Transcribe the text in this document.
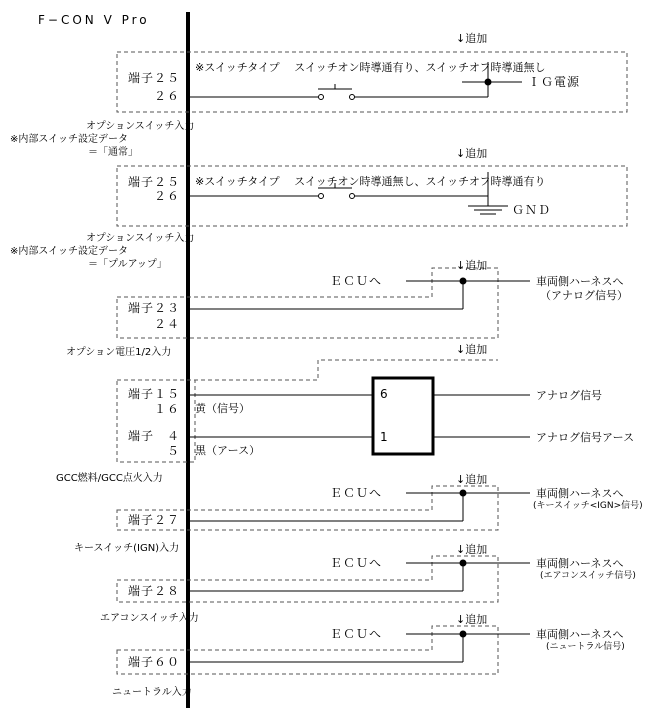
F−CON V Pro
↓追加
※スイッチタイプ　 スイッチオン時導通有り、スイッチオフ時導通無し
端子２５
２６
ＩＧ電源
オプションスイッチ入力
※内部スイッチ設定データ
＝「通常」	↓追加
※スイッチタイプ　 スイッチオン時導通無し、スイッチオフ時導通有り
端子２５
２６
ＧＮＤ
オプションスイッチ入力
※内部スイッチ設定データ
＝「プルアップ」	↓追加
ＥＣＵへ	車両側ハーネスへ
（アナログ信号）
端子２３
２４
オプション電圧1/2入力	↓追加
端子１５
１６ 黄（信号）
端子　４
５ 黒（アース）
6
1
アナログ信号
アナログ信号アース
GCC燃料/GCC点火入力	↓追加
ＥＣＵへ	車両側ハーネスへ
(キースイッチ<IGN>信号)
端子２７
キースイッチ(IGN)入力	↓追加
ＥＣＵへ	車両側ハーネスへ
(エアコンスイッチ信号)
端子２８
エアコンスイッチ入力	↓追加
ＥＣＵへ	車両側ハーネスへ
(ニュートラル信号)
端子６０
ニュートラル入力
